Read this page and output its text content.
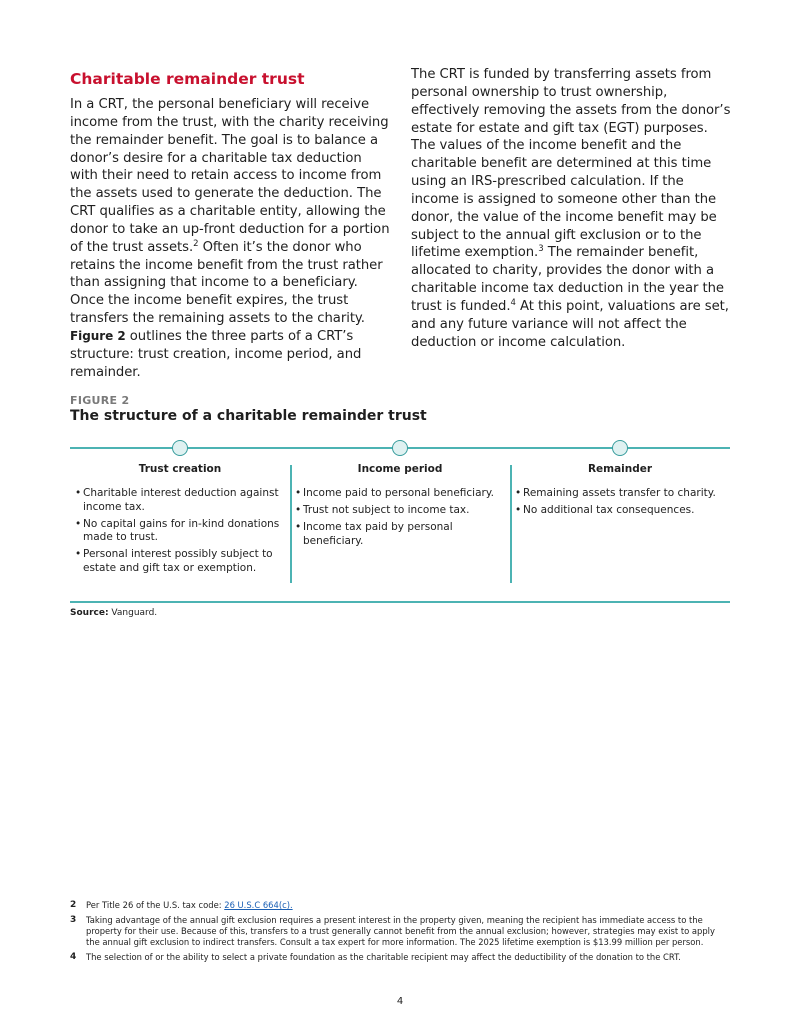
Charitable remainder trust

In a CRT, the personal beneficiary will receive income from the trust, with the charity receiving the remainder benefit. The goal is to balance a donor’s desire for a charitable tax deduction with their need to retain access to income from the assets used to generate the deduction. The CRT qualifies as a charitable entity, allowing the donor to take an up-front deduction for a portion of the trust assets.$^2$ Often it’s the donor who retains the income benefit from the trust rather than assigning that income to a beneficiary. Once the income benefit expires, the trust transfers the remaining assets to the charity. Figure 2 outlines the three parts of a CRT’s structure: trust creation, income period, and remainder.

The CRT is funded by transferring assets from personal ownership to trust ownership, effectively removing the assets from the donor’s estate for estate and gift tax (EGT) purposes. The values of the income benefit and the charitable benefit are determined at this time using an IRS-prescribed calculation. If the income is assigned to someone other than the donor, the value of the income benefit may be subject to the annual gift exclusion or to the lifetime exemption.$^3$ The remainder benefit, allocated to charity, provides the donor with a charitable income tax deduction in the year the trust is funded.$^4$ At this point, valuations are set, and any future variance will not affect the deduction or income calculation.

FIGURE 2
The structure of a charitable remainder trust
Trust creation
• Charitable interest deduction against income tax.
• No capital gains for in-kind donations made to trust.
• Personal interest possibly subject to estate and gift tax or exemption.
Income period
• Income paid to personal beneficiary.
• Trust not subject to income tax.
• Income tax paid by personal beneficiary.
Remainder
• Remaining assets transfer to charity.
• No additional tax consequences.
Source: Vanguard.
2 Per Title 26 of the U.S. tax code: 26 U.S.C 664(c).
3 Taking advantage of the annual gift exclusion requires a present interest in the property given, meaning the recipient has immediate access to the property for their use. Because of this, transfers to a trust generally cannot benefit from the annual exclusion; however, strategies may exist to apply the annual gift exclusion to indirect transfers. Consult a tax expert for more information. The 2025 lifetime exemption is $13.99 million per person.
4 The selection of or the ability to select a private foundation as the charitable recipient may affect the deductibility of the donation to the CRT.
4
